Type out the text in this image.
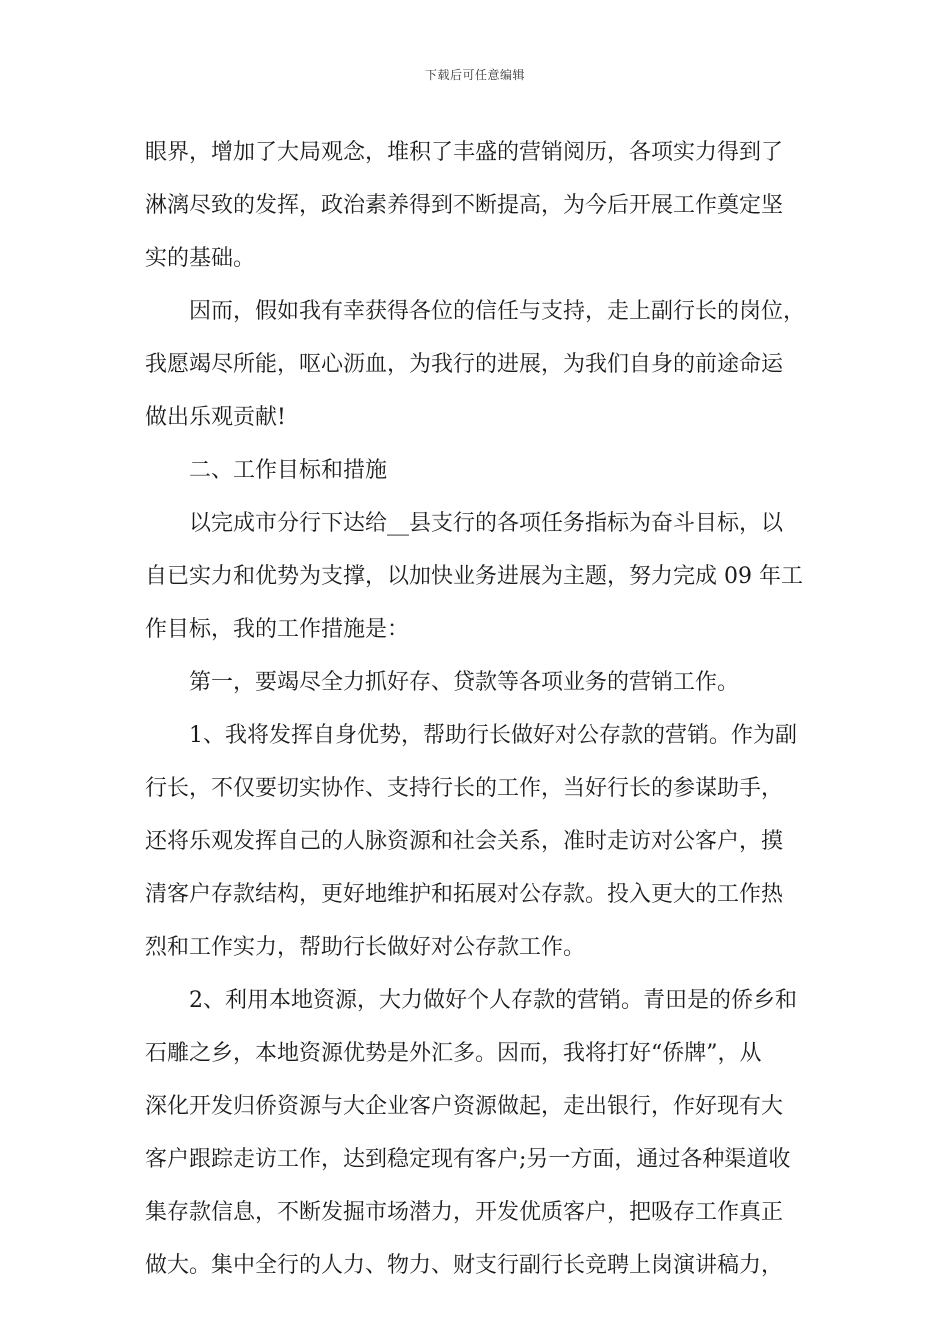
下载后可任意编辑
眼界，增加了大局观念，堆积了丰盛的营销阅历，各项实力得到了
淋漓尽致的发挥，政治素养得到不断提高，为今后开展工作奠定坚
实的基础。
因而，假如我有幸获得各位的信任与支持，走上副行长的岗位，
我愿竭尽所能，呕心沥血，为我行的进展，为我们自身的前途命运
做出乐观贡献!
二、工作目标和措施
以完成市分行下达给__县支行的各项任务指标为奋斗目标，以
自已实力和优势为支撑，以加快业务进展为主题，努力完成 09 年工
作目标，我的工作措施是：
第一，要竭尽全力抓好存、贷款等各项业务的营销工作。
1、我将发挥自身优势，帮助行长做好对公存款的营销。作为副
行长，不仅要切实协作、支持行长的工作，当好行长的参谋助手，
还将乐观发挥自己的人脉资源和社会关系，准时走访对公客户，摸
清客户存款结构，更好地维护和拓展对公存款。投入更大的工作热
烈和工作实力，帮助行长做好对公存款工作。
2、利用本地资源，大力做好个人存款的营销。青田是的侨乡和
石雕之乡，本地资源优势是外汇多。因而，我将打好“侨牌”，从
深化开发归侨资源与大企业客户资源做起，走出银行，作好现有大
客户跟踪走访工作，达到稳定现有客户;另一方面，通过各种渠道收
集存款信息，不断发掘市场潜力，开发优质客户，把吸存工作真正
做大。集中全行的人力、物力、财支行副行长竞聘上岗演讲稿力，
